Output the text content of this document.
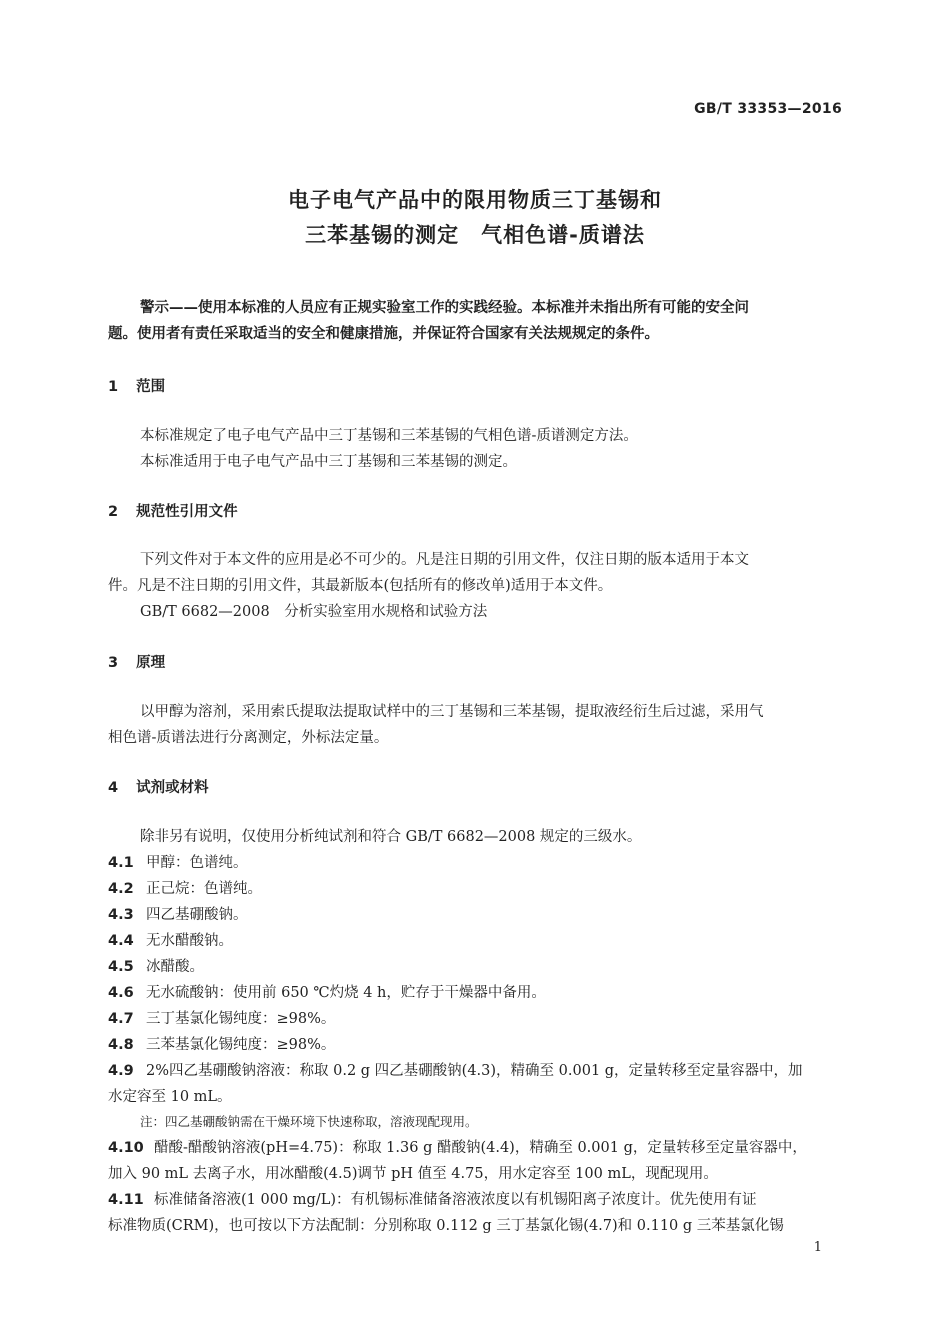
GB/T 33353—2016
电子电气产品中的限用物质三丁基锡和
三苯基锡的测定　气相色谱-质谱法
警示——使用本标准的人员应有正规实验室工作的实践经验。本标准并未指出所有可能的安全问
题。使用者有责任采取适当的安全和健康措施，并保证符合国家有关法规规定的条件。
1 范围
本标准规定了电子电气产品中三丁基锡和三苯基锡的气相色谱-质谱测定方法。
本标准适用于电子电气产品中三丁基锡和三苯基锡的测定。
2 规范性引用文件
下列文件对于本文件的应用是必不可少的。凡是注日期的引用文件，仅注日期的版本适用于本文
件。凡是不注日期的引用文件，其最新版本(包括所有的修改单)适用于本文件。
GB/T 6682—2008　分析实验室用水规格和试验方法
3 原理
以甲醇为溶剂，采用索氏提取法提取试样中的三丁基锡和三苯基锡，提取液经衍生后过滤，采用气
相色谱-质谱法进行分离测定，外标法定量。
4 试剂或材料
除非另有说明，仅使用分析纯试剂和符合 GB/T 6682—2008 规定的三级水。
4.1 甲醇：色谱纯。
4.2 正己烷：色谱纯。
4.3 四乙基硼酸钠。
4.4 无水醋酸钠。
4.5 冰醋酸。
4.6 无水硫酸钠：使用前 650 ℃灼烧 4 h，贮存于干燥器中备用。
4.7 三丁基氯化锡纯度：≥98%。
4.8 三苯基氯化锡纯度：≥98%。
4.9 2%四乙基硼酸钠溶液：称取 0.2 g 四乙基硼酸钠(4.3)，精确至 0.001 g，定量转移至定量容器中，加
水定容至 10 mL。
注：四乙基硼酸钠需在干燥环境下快速称取，溶液现配现用。
4.10 醋酸-醋酸钠溶液(pH=4.75)：称取 1.36 g 醋酸钠(4.4)，精确至 0.001 g，定量转移至定量容器中，
加入 90 mL 去离子水，用冰醋酸(4.5)调节 pH 值至 4.75，用水定容至 100 mL，现配现用。
4.11 标准储备溶液(1 000 mg/L)：有机锡标准储备溶液浓度以有机锡阳离子浓度计。优先使用有证
标准物质(CRM)，也可按以下方法配制：分别称取 0.112 g 三丁基氯化锡(4.7)和 0.110 g 三苯基氯化锡
1
